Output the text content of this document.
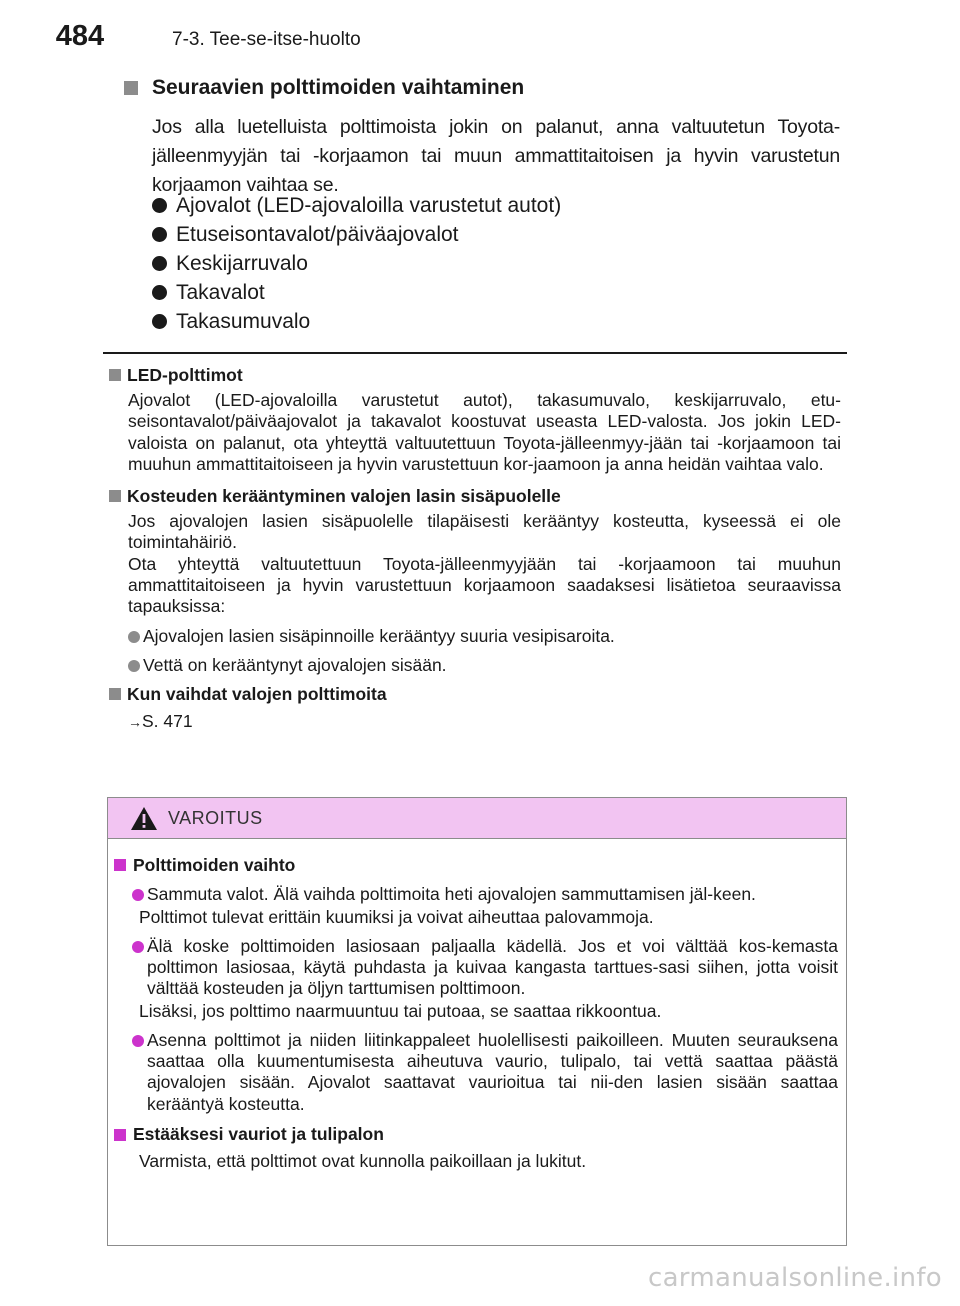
484	7-3. Tee-se-itse-huolto
Seuraavien polttimoiden vaihtaminen
Jos alla luetelluista polttimoista jokin on palanut, anna valtuutetun Toyota-jälleenmyyjän tai -korjaamon tai muun ammattitaitoisen ja hyvin varustetun korjaamon vaihtaa se.
Ajovalot (LED-ajovaloilla varustetut autot)
Etuseisontavalot/päiväajovalot
Keskijarruvalo
Takavalot
Takasumuvalo
LED-polttimot
Ajovalot (LED-ajovaloilla varustetut autot), takasumuvalo, keskijarruvalo, etu-seisontavalot/päiväajovalot ja takavalot koostuvat useasta LED-valosta. Jos jokin LED-valoista on palanut, ota yhteyttä valtuutettuun Toyota-jälleenmyy-jään tai -korjaamoon tai muuhun ammattitaitoiseen ja hyvin varustettuun kor-jaamoon ja anna heidän vaihtaa valo.
Kosteuden kerääntyminen valojen lasin sisäpuolelle
Jos ajovalojen lasien sisäpuolelle tilapäisesti kerääntyy kosteutta, kyseessä ei ole toimintahäiriö.
Ota yhteyttä valtuutettuun Toyota-jälleenmyyjään tai -korjaamoon tai muuhun ammattitaitoiseen ja hyvin varustettuun korjaamoon saadaksesi lisätietoa seuraavissa tapauksissa:
Ajovalojen lasien sisäpinnoille kerääntyy suuria vesipisaroita.
Vettä on kerääntynyt ajovalojen sisään.
Kun vaihdat valojen polttimoita
→S. 471
VAROITUS
Polttimoiden vaihto
Sammuta valot. Älä vaihda polttimoita heti ajovalojen sammuttamisen jäl-keen.
Polttimot tulevat erittäin kuumiksi ja voivat aiheuttaa palovammoja.
Älä koske polttimoiden lasiosaan paljaalla kädellä. Jos et voi välttää kos-kemasta polttimon lasiosaa, käytä puhdasta ja kuivaa kangasta tarttues-sasi siihen, jotta voisit välttää kosteuden ja öljyn tarttumisen polttimoon.
Lisäksi, jos polttimo naarmuuntuu tai putoaa, se saattaa rikkoontua.
Asenna polttimot ja niiden liitinkappaleet huolellisesti paikoilleen. Muuten seurauksena saattaa olla kuumentumisesta aiheutuva vaurio, tulipalo, tai vettä saattaa päästä ajovalojen sisään. Ajovalot saattavat vaurioitua tai nii-den lasien sisään saattaa kerääntyä kosteutta.
Estääksesi vauriot ja tulipalon
Varmista, että polttimot ovat kunnolla paikoillaan ja lukitut.
carmanualsonline.info
